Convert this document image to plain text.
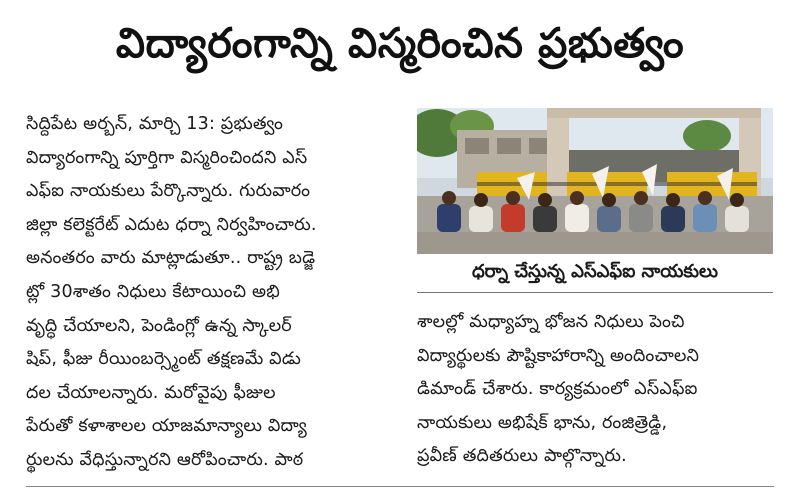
విద్యారంగాన్ని విస్మరించిన ప్రభుత్వం
సిద్దిపేట అర్బన్, మార్చి 13: ప్రభుత్వం
విద్యారంగాన్ని పూర్తిగా విస్మరించిందని ఎస్
ఎఫ్ఐ నాయకులు పేర్కొన్నారు. గురువారం
జిల్లా కలెక్టరేట్ ఎదుట ధర్నా నిర్వహించారు.
అనంతరం వారు మాట్లాడుతూ.. రాష్ట్ర బడ్జె
ట్లో 30శాతం నిధులు కేటాయించి అభి
వృద్ధి చేయాలని, పెండింగ్లో ఉన్న స్కాలర్
షిప్, ఫీజు రీయింబర్స్మెంట్ తక్షణమే విడు
దల చేయాలన్నారు. మరోవైపు ఫీజుల
పేరుతో కళాశాలల యాజమాన్యాలు విద్యా
ర్థులను వేధిస్తున్నారని ఆరోపించారు. పాఠ
ధర్నా చేస్తున్న ఎస్ఎఫ్ఐ నాయకులు
శాలల్లో మధ్యాహ్న భోజన నిధులు పెంచి
విద్యార్థులకు పౌష్టికాహారాన్ని అందించాలని
డిమాండ్ చేశారు. కార్యక్రమంలో ఎస్ఎఫ్ఐ
నాయకులు అభిషేక్ భాను, రంజిత్రెడ్డి,
ప్రవీణ్ తదితరులు పాల్గొన్నారు.
